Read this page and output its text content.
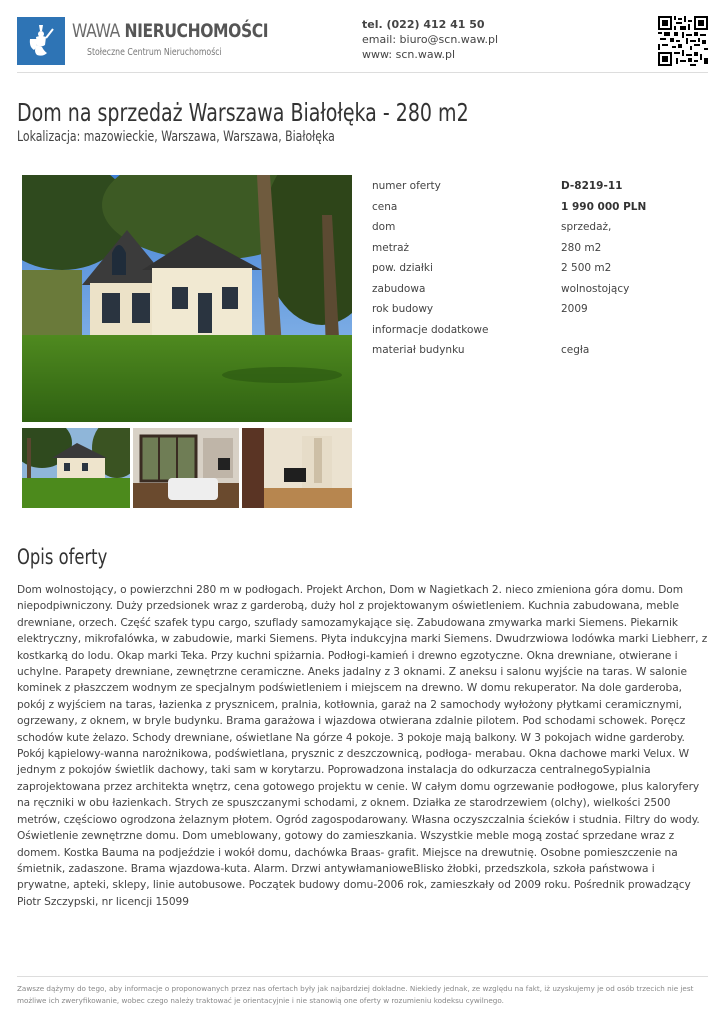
WAWA NIERUCHOMOŚCI
Stołeczne Centrum Nieruchomości
tel. (022) 412 41 50
email: biuro@scn.waw.pl
www: scn.waw.pl
Dom na sprzedaż Warszawa Białołęka - 280 m2
Lokalizacja: mazowieckie, Warszawa, Warszawa, Białołęka
numer oferty	D-8219-11
cena	1 990 000 PLN
dom	sprzedaż,
metraż	280 m2
pow. działki	2 500 m2
zabudowa	wolnostojący
rok budowy	2009
informacje dodatkowe
materiał budynku	cegła
Opis oferty

Dom wolnostojący, o powierzchni 280 m w podłogach. Projekt Archon, Dom w Nagietkach 2. nieco zmieniona góra domu. Dom niepodpiwniczony. Duży przedsionek wraz z garderobą, duży hol z projektowanym oświetleniem. Kuchnia zabudowana, meble drewniane, orzech. Część szafek typu cargo, szuflady samozamykające się. Zabudowana zmywarka marki Siemens. Piekarnik elektryczny, mikrofalówka, w zabudowie, marki Siemens. Płyta indukcyjna marki Siemens. Dwudrzwiowa lodówka marki Liebherr, z kostkarką do lodu. Okap marki Teka. Przy kuchni spiżarnia. Podłogi-kamień i drewno egzotyczne. Okna drewniane, otwierane i uchylne. Parapety drewniane, zewnętrzne ceramiczne. Aneks jadalny z 3 oknami. Z aneksu i salonu wyjście na taras. W salonie kominek z płaszczem wodnym ze specjalnym podświetleniem i miejscem na drewno. W domu rekuperator. Na dole garderoba, pokój z wyjściem na taras, łazienka z prysznicem, pralnia, kotłownia, garaż na 2 samochody wyłożony płytkami ceramicznymi, ogrzewany, z oknem, w bryle budynku. Brama garażowa i wjazdowa otwierana zdalnie pilotem. Pod schodami schowek. Poręcz schodów kute żelazo. Schody drewniane, oświetlane Na górze 4 pokoje. 3 pokoje mają balkony. W 3 pokojach widne garderoby. Pokój kąpielowy-wanna narożnikowa, podświetlana, prysznic z deszczownicą, podłoga- merabau. Okna dachowe marki Velux. W jednym z pokojów świetlik dachowy, taki sam w korytarzu. Poprowadzona instalacja do odkurzacza centralnegoSypialnia zaprojektowana przez architekta wnętrz, cena gotowego projektu w cenie. W całym domu ogrzewanie podłogowe, plus kaloryfery na ręczniki w obu łazienkach. Strych ze spuszczanymi schodami, z oknem. Działka ze starodrzewiem (olchy), wielkości 2500 metrów, częściowo ogrodzona żelaznym płotem. Ogród zagospodarowany. Własna oczyszczalnia ścieków i studnia. Filtry do wody. Oświetlenie zewnętrzne domu. Dom umeblowany, gotowy do zamieszkania. Wszystkie meble mogą zostać sprzedane wraz z domem. Kostka Bauma na podjeździe i wokół domu, dachówka Braas- grafit. Miejsce na drewutnię. Osobne pomieszczenie na śmietnik, zadaszone. Brama wjazdowa-kuta. Alarm. Drzwi antywłamanioweBlisko żłobki, przedszkola, szkoła państwowa i prywatne, apteki, sklepy, linie autobusowe. Początek budowy domu-2006 rok, zamieszkały od 2009 roku. Pośrednik prowadzący Piotr Szczypski, nr licencji 15099

Zawsze dążymy do tego, aby informacje o proponowanych przez nas ofertach były jak najbardziej dokładne. Niekiedy jednak, ze względu na fakt, iż uzyskujemy je od osób trzecich nie jest możliwe ich zweryfikowanie, wobec czego należy traktować je orientacyjnie i nie stanowią one oferty w rozumieniu kodeksu cywilnego.
